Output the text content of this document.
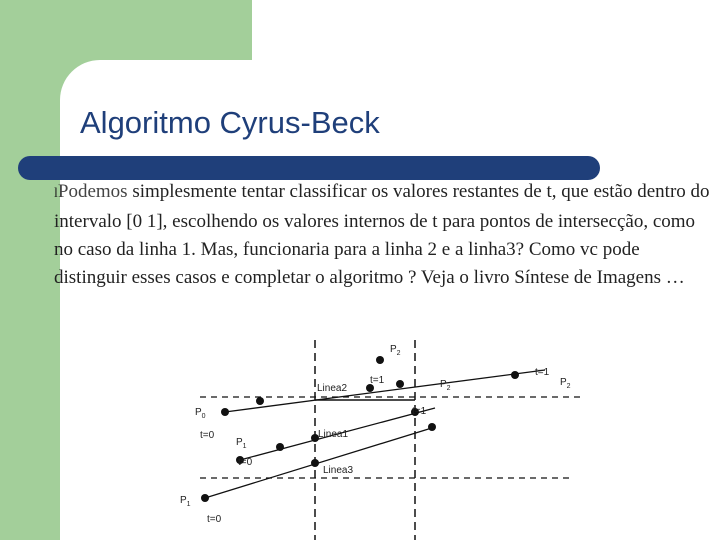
Algoritmo Cyrus-Beck

lPodemos simplesmente tentar classificar os valores restantes de t, que estão dentro do intervalo [0 1], escolhendo os valores internos de t para pontos de intersecção, como no caso da linha 1. Mas, funcionaria para a linha 2 e a linha3? Como vc pode distinguir esses casos e completar o algoritmo ? Veja o livro Síntese de Imagens …

$P_2$
t=1
Linea2	$P_2$
t=1
$P_2$
t=1
$P_0$
t=0	Linea1
$P_1$
t=0
Linea3
$P_1$
t=0
